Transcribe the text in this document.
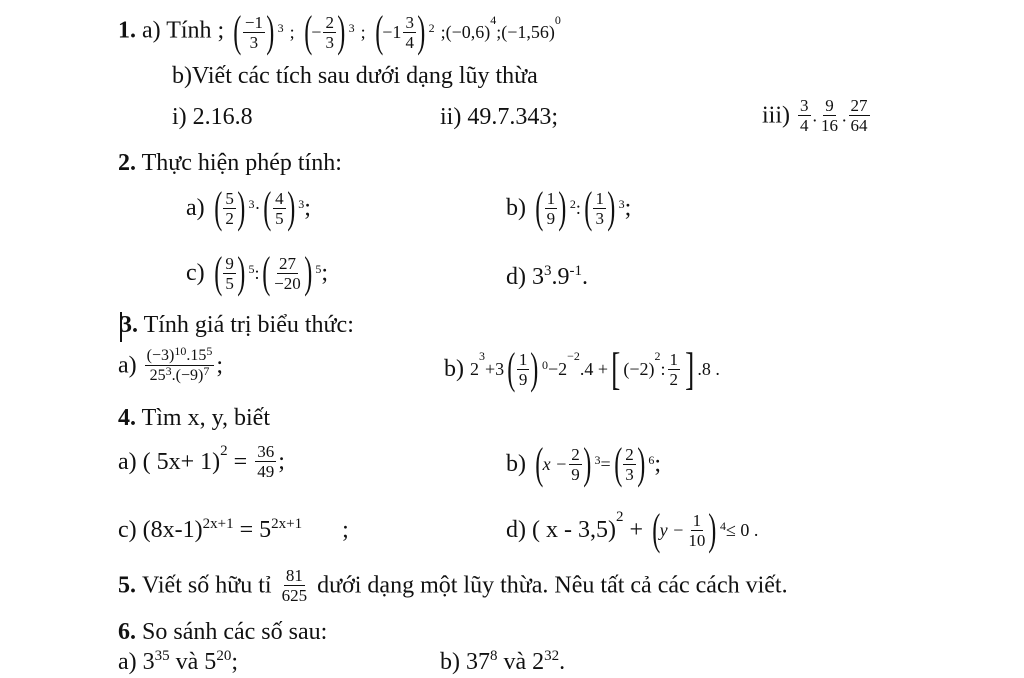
1. a) Tính ; ( $\frac{-1}{3}$ ) $^3$ ; ( − $\frac{2}{3}$ ) $^3$ ; ( $-1 \frac{3}{4}$ ) $^2$ $;(-0,6)^4;(-1,56)^0$
b)Viết các tích sau dưới dạng lũy thừa
i) 2.16.8	ii) 49.7.343;	$iii) \frac{3}{4}$ . $\frac{9}{16}$ . $\frac{27}{64}$
2. Thực hiện phép tính:
a) ( $\frac{5}{2}$ ) $^3$ · ( $\frac{4}{5}$ ) $^3$ ;	b) ( $\frac{1}{9}$ ) $^2$ : ( $\frac{1}{3}$ ) $^3$ ;
c) ( $\frac{9}{5}$ ) $^5$ : ( $\frac{27}{-20}$ ) $^5$ ;	d) $3^3.9^{-1}$.
3. Tính giá trị biểu thức:
$a) \frac{(-3)^{10}.15^5}{25^3.(-9)^7}$ ;	b) $2^3+3$ ( $\frac{1}{9}$ ) $^0 -2^{-2}.4$ +[ $(-2)^2$: $\frac{1}{2}$ ] .8 .
4. Tìm x, y, biết
a) ( $5x+ 1)^2 = \frac{36}{49}$ ;	b) ( $x - \frac{2}{9}$ ) $^3$ = ( $\frac{2}{3}$ ) $^6$ ;
c) $(8x-1)^{2x+1} = 5^{2x+1}$ ;	d) ( x - 3,5)$^2$ + ( $y - \frac{1}{10}$ ) $^4$ ≤ 0 .
5. Viết số hữu tỉ $\frac{81}{625}$ dưới dạng một lũy thừa. Nêu tất cả các cách viết.
6. So sánh các số sau:
a) $3^{35}$ và $5^{20}$;	b) $37^8$ và $2^{32}$.
